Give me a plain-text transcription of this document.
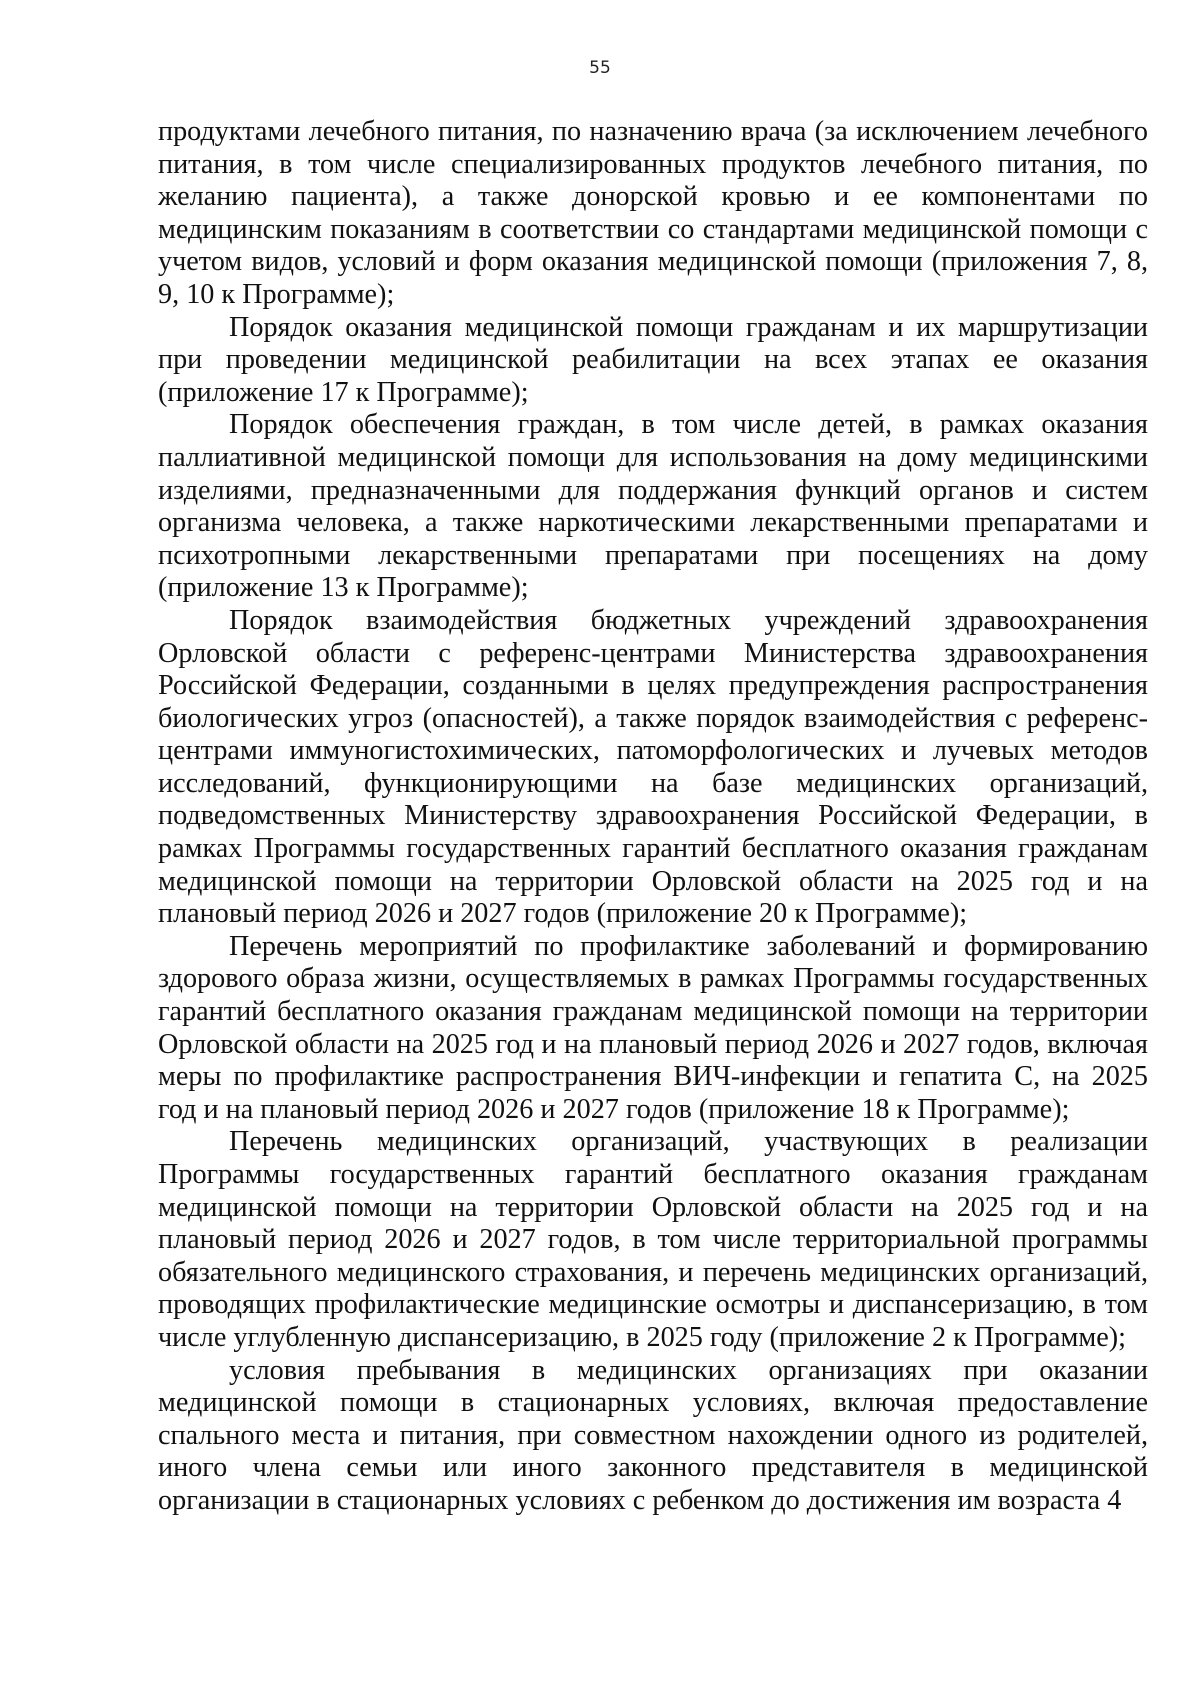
55

продуктами лечебного питания, по назначению врача (за исключением лечебного питания, в том числе специализированных продуктов лечебного питания, по желанию пациента), а также донорской кровью и ее компонентами по медицинским показаниям в соответствии со стандартами медицинской помощи с учетом видов, условий и форм оказания медицинской помощи (приложения 7, 8, 9, 10 к Программе);

Порядок оказания медицинской помощи гражданам и их маршрутизации при проведении медицинской реабилитации на всех этапах ее оказания (приложение 17 к Программе);

Порядок обеспечения граждан, в том числе детей, в рамках оказания паллиативной медицинской помощи для использования на дому медицинскими изделиями, предназначенными для поддержания функций органов и систем организма человека, а также наркотическими лекарственными препаратами и психотропными лекарственными препаратами при посещениях на дому (приложение 13 к Программе);

Порядок взаимодействия бюджетных учреждений здравоохранения Орловской области с референс-центрами Министерства здравоохранения Российской Федерации, созданными в целях предупреждения распространения биологических угроз (опасностей), а также порядок взаимодействия с референс-центрами иммуногистохимических, патоморфологических и лучевых методов исследований, функционирующими на базе медицинских организаций, подведомственных Министерству здравоохранения Российской Федерации, в рамках Программы государственных гарантий бесплатного оказания гражданам медицинской помощи на территории Орловской области на 2025 год и на плановый период 2026 и 2027 годов (приложение 20 к Программе);

Перечень мероприятий по профилактике заболеваний и формированию здорового образа жизни, осуществляемых в рамках Программы государственных гарантий бесплатного оказания гражданам медицинской помощи на территории Орловской области на 2025 год и на плановый период 2026 и 2027 годов, включая меры по профилактике распространения ВИЧ-инфекции и гепатита С, на 2025 год и на плановый период 2026 и 2027 годов (приложение 18 к Программе);

Перечень медицинских организаций, участвующих в реализации Программы государственных гарантий бесплатного оказания гражданам медицинской помощи на территории Орловской области на 2025 год и на плановый период 2026 и 2027 годов, в том числе территориальной программы обязательного медицинского страхования, и перечень медицинских организаций, проводящих профилактические медицинские осмотры и диспансеризацию, в том числе углубленную диспансеризацию, в 2025 году (приложение 2 к Программе);

условия пребывания в медицинских организациях при оказании медицинской помощи в стационарных условиях, включая предоставление спального места и питания, при совместном нахождении одного из родителей, иного члена семьи или иного законного представителя в медицинской организации в стационарных условиях с ребенком до достижения им возраста 4
